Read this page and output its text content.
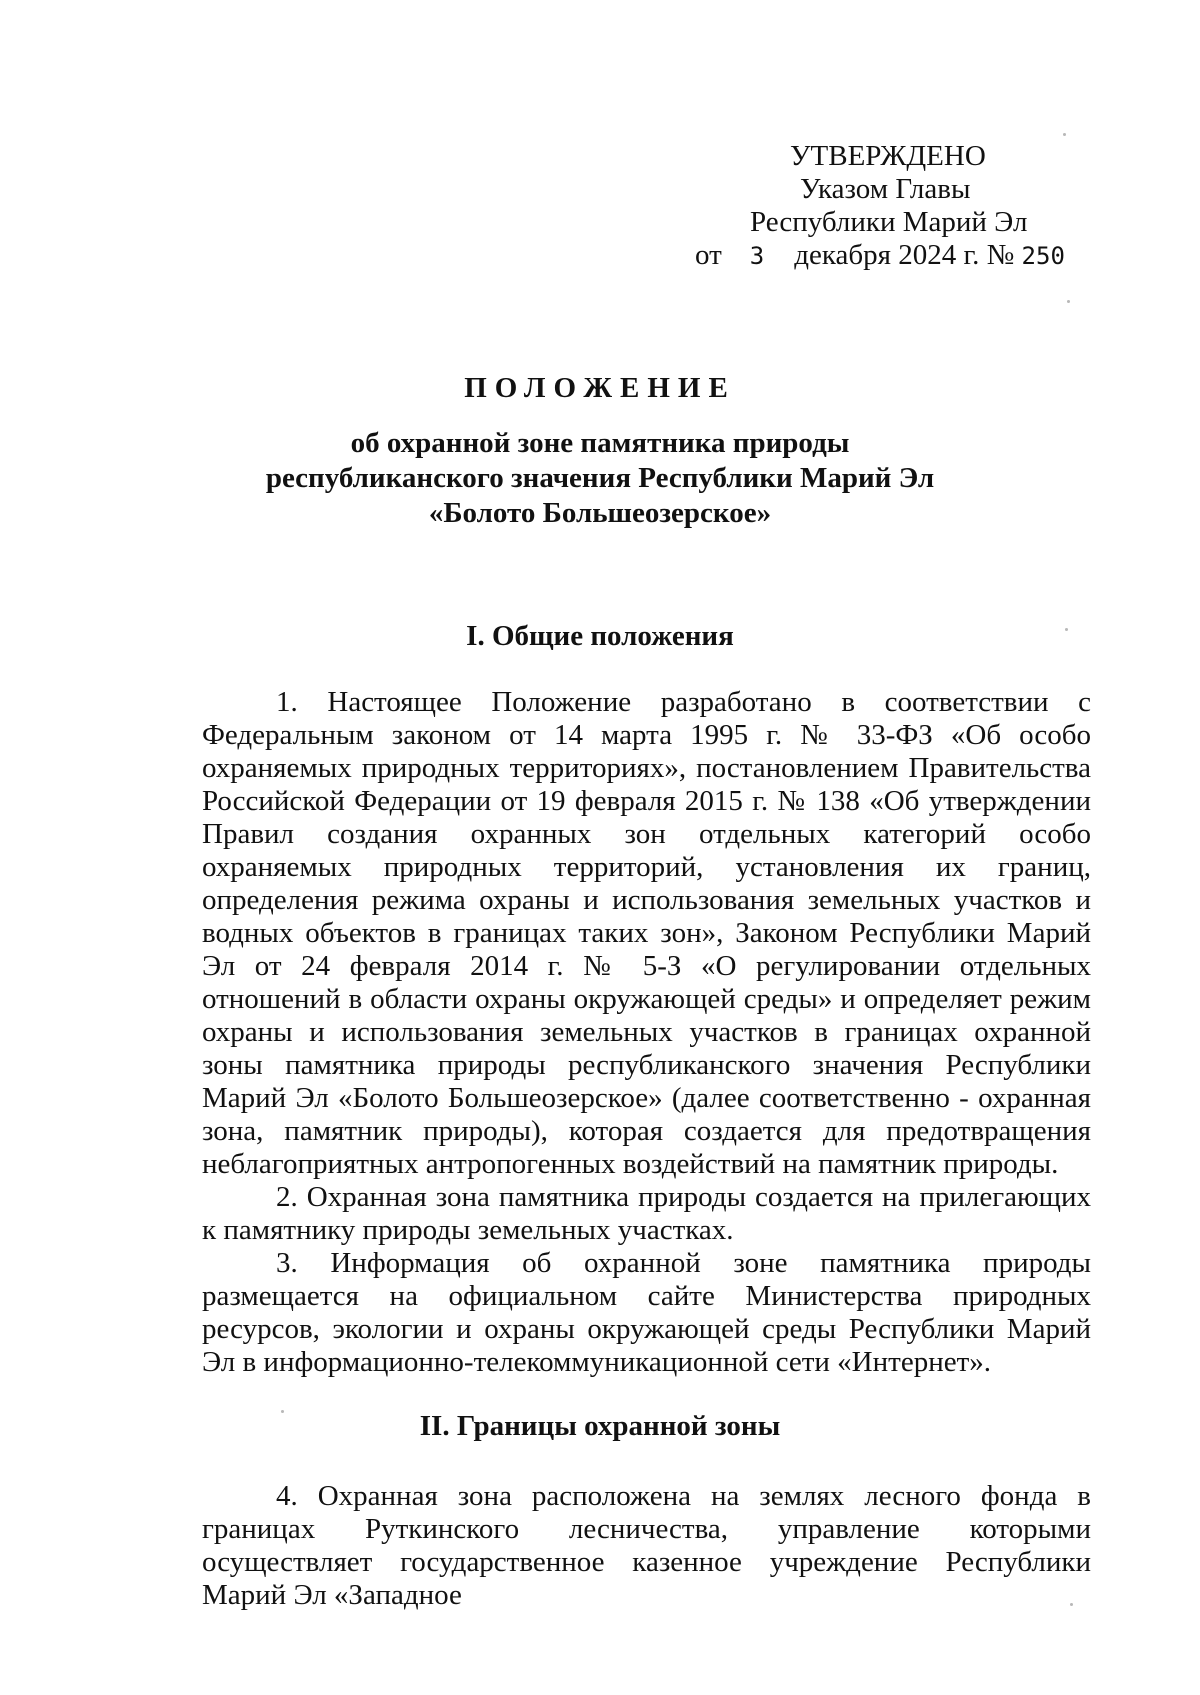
УТВЕРЖДЕНО
Указом Главы
Республики Марий Эл
от 3 декабря 2024 г. № 250
ПОЛОЖЕНИЕ
об охранной зоне памятника природы
республиканского значения Республики Марий Эл
«Болото Большеозерское»
I. Общие положения

1. Настоящее Положение разработано в соответствии с Федеральным законом от 14 марта 1995 г. № 33-ФЗ «Об особо охраняемых природных территориях», постановлением Правительства Российской Федерации от 19 февраля 2015 г. № 138 «Об утверждении Правил создания охранных зон отдельных категорий особо охраняемых природных территорий, установления их границ, определения режима охраны и использования земельных участков и водных объектов в границах таких зон», Законом Республики Марий Эл от 24 февраля 2014 г. № 5-З «О регулировании отдельных отношений в области охраны окружающей среды» и определяет режим охраны и использования земельных участков в границах охранной зоны памятника природы республиканского значения Республики Марий Эл «Болото Большеозерское» (далее соответственно - охранная зона, памятник природы), которая создается для предотвращения неблагоприятных антропогенных воздействий на памятник природы.

2. Охранная зона памятника природы создается на прилегающих к памятнику природы земельных участках.

3. Информация об охранной зоне памятника природы размещается на официальном сайте Министерства природных ресурсов, экологии и охраны окружающей среды Республики Марий Эл в информационно-телекоммуникационной сети «Интернет».

II. Границы охранной зоны

4. Охранная зона расположена на землях лесного фонда в границах Руткинского лесничества, управление которыми осуществляет государственное казенное учреждение Республики Марий Эл «Западное
